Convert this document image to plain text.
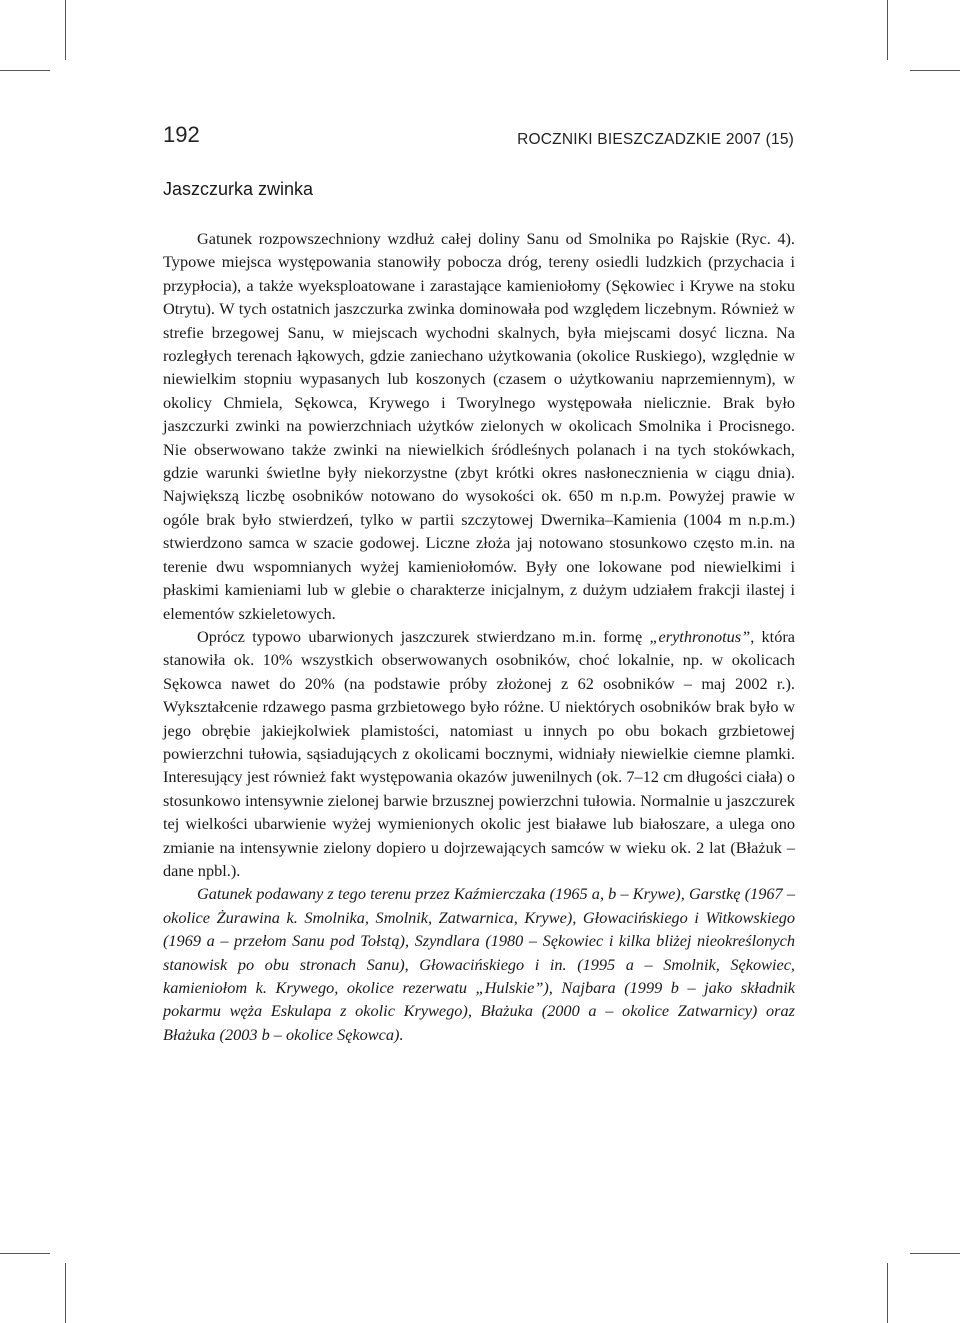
192	ROCZNIKI BIESZCZADZKIE 2007 (15)
Jaszczurka zwinka

Gatunek rozpowszechniony wzdłuż całej doliny Sanu od Smolnika po Rajskie (Ryc. 4). Typowe miejsca występowania stanowiły pobocza dróg, tereny osiedli ludzkich (przychacia i przypłocia), a także wyeksploatowane i zarastające kamieniołomy (Sękowiec i Krywe na stoku Otrytu). W tych ostatnich jaszczurka zwinka dominowała pod względem liczebnym. Również w strefie brzegowej Sanu, w miejscach wychodni skalnych, była miejscami dosyć liczna. Na rozległych terenach łąkowych, gdzie zaniechano użytkowania (okolice Ruskiego), względnie w niewielkim stopniu wypasanych lub koszonych (czasem o użytkowaniu naprzemiennym), w okolicy Chmiela, Sękowca, Krywego i Tworylnego występowała nielicznie. Brak było jaszczurki zwinki na powierzchniach użytków zielonych w okolicach Smolnika i Procisnego. Nie obserwowano także zwinki na niewielkich śródleśnych polanach i na tych stokówkach, gdzie warunki świetlne były niekorzystne (zbyt krótki okres nasłonecznienia w ciągu dnia). Największą liczbę osobników notowano do wysokości ok. 650 m n.p.m. Powyżej prawie w ogóle brak było stwierdzeń, tylko w partii szczytowej Dwernika–Kamienia (1004 m n.p.m.) stwierdzono samca w szacie godowej. Liczne złoża jaj notowano stosunkowo często m.in. na terenie dwu wspomnianych wyżej kamieniołomów. Były one lokowane pod niewielkimi i płaskimi kamieniami lub w glebie o charakterze inicjalnym, z dużym udziałem frakcji ilastej i elementów szkieletowych.

Oprócz typowo ubarwionych jaszczurek stwierdzano m.in. formę „erythronotus”, która stanowiła ok. 10% wszystkich obserwowanych osobników, choć lokalnie, np. w okolicach Sękowca nawet do 20% (na podstawie próby złożonej z 62 osobników – maj 2002 r.). Wykształcenie rdzawego pasma grzbietowego było różne. U niektórych osobników brak było w jego obrębie jakiejkolwiek plamistości, natomiast u innych po obu bokach grzbietowej powierzchni tułowia, sąsiadujących z okolicami bocznymi, widniały niewielkie ciemne plamki. Interesujący jest również fakt występowania okazów juwenilnych (ok. 7–12 cm długości ciała) o stosunkowo intensywnie zielonej barwie brzusznej powierzchni tułowia. Normalnie u jaszczurek tej wielkości ubarwienie wyżej wymienionych okolic jest białawe lub białoszare, a ulega ono zmianie na intensywnie zielony dopiero u dojrzewających samców w wieku ok. 2 lat (Błażuk – dane npbl.).

Gatunek podawany z tego terenu przez Kaźmierczaka (1965 a, b – Krywe), Garstkę (1967 – okolice Żurawina k. Smolnika, Smolnik, Zatwarnica, Krywe), Głowacińskiego i Witkowskiego (1969 a – przełom Sanu pod Tołstą), Szyndlara (1980 – Sękowiec i kilka bliżej nieokreślonych stanowisk po obu stronach Sanu), Głowacińskiego i in. (1995 a – Smolnik, Sękowiec, kamieniołom k. Krywego, okolice rezerwatu „Hulskie”), Najbara (1999 b – jako składnik pokarmu węża Eskulapa z okolic Krywego), Błażuka (2000 a – okolice Zatwarnicy) oraz Błażuka (2003 b – okolice Sękowca).
